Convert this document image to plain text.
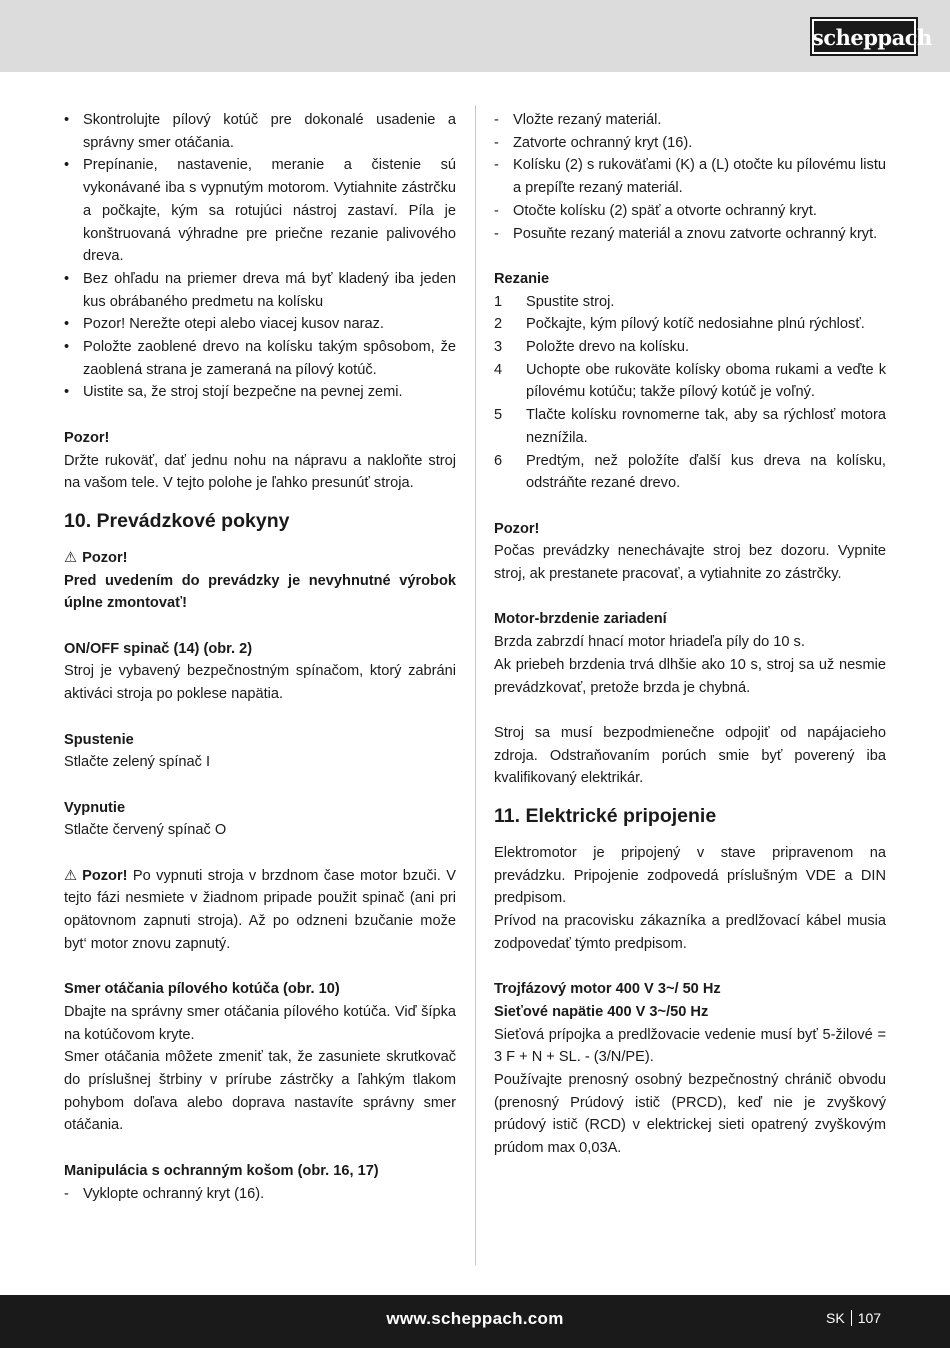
scheppach
• Skontrolujte pílový kotúč pre dokonalé usadenie a správny smer otáčania.
• Prepínanie, nastavenie, meranie a čistenie sú vykonávané iba s vypnutým motorom. Vytiahnite zástrčku a počkajte, kým sa rotujúci nástroj zastaví. Píla je konštruovaná výhradne pre priečne rezanie palivového dreva.
• Bez ohľadu na priemer dreva má byť kladený iba jeden kus obrábaného predmetu na kolísku
• Pozor! Nerežte otepi alebo viacej kusov naraz.
• Položte zaoblené drevo na kolísku takým spôsobom, že zaoblená strana je zameraná na pílový kotúč.
• Uistite sa, že stroj stojí bezpečne na pevnej zemi.

Pozor!

Držte rukoväť, dať jednu nohu na nápravu a nakloňte stroj na vašom tele. V tejto polohe je ľahko presunúť stroja.

10. Prevádzkové pokyny

⚠ Pozor!

Pred uvedením do prevádzky je nevyhnutné výrobok úplne zmontovať!

ON/OFF spinač (14) (obr. 2)

Stroj je vybavený bezpečnostným spínačom, ktorý zabráni aktiváci stroja po poklese napätia.

Spustenie

Stlačte zelený spínač I

Vypnutie

Stlačte červený spínač O

⚠ Pozor! Po vypnuti stroja v brzdnom čase motor bzuči. V tejto fázi nesmiete v žiadnom pripade použit spinač (ani pri opätovnom zapnuti stroja). Až po odzneni bzučanie može byt‘ motor znovu zapnutý.

Smer otáčania pílového kotúča (obr. 10)

Dbajte na správny smer otáčania pílového kotúča. Viď šípka na kotúčovom kryte.

Smer otáčania môžete zmeniť tak, že zasuniete skrutkovač do príslušnej štrbiny v prírube zástrčky a ľahkým tlakom pohybom doľava alebo doprava nastavíte správny smer otáčania.

Manipulácia s ochranným košom (obr. 16, 17)

- Vyklopte ochranný kryt (16).
- Vložte rezaný materiál.
- Zatvorte ochranný kryt (16).
- Kolísku (2) s rukoväťami (K) a (L) otočte ku pílovému listu a prepíľte rezaný materiál.
- Otočte kolísku (2) späť a otvorte ochranný kryt.
- Posuňte rezaný materiál a znovu zatvorte ochranný kryt.

Rezanie

1 Spustite stroj.
2 Počkajte, kým pílový kotíč nedosiahne plnú rýchlosť.
3 Položte drevo na kolísku.
4 Uchopte obe rukoväte kolísky oboma rukami a veďte k pílovému kotúču; takže pílový kotúč je voľný.
5 Tlačte kolísku rovnomerne tak, aby sa rýchlosť motora neznížila.
6 Predtým, než položíte ďalší kus dreva na kolísku, odstráňte rezané drevo.

Pozor!

Počas prevádzky nenechávajte stroj bez dozoru. Vypnite stroj, ak prestanete pracovať, a vytiahnite zo zástrčky.

Motor-brzdenie zariadení

Brzda zabrzdí hnací motor hriadeľa píly do 10 s.

Ak priebeh brzdenia trvá dlhšie ako 10 s, stroj sa už nesmie prevádzkovať, pretože brzda je chybná.

Stroj sa musí bezpodmienečne odpojiť od napájacieho zdroja. Odstraňovaním porúch smie byť poverený iba kvalifikovaný elektrikár.

11. Elektrické pripojenie

Elektromotor je pripojený v stave pripravenom na prevádzku. Pripojenie zodpovedá príslušným VDE a DIN predpisom.

Prívod na pracovisku zákazníka a predlžovací kábel musia zodpovedať týmto predpisom.

Trojfázový motor 400 V 3~/ 50 Hz

Sieťové napätie 400 V 3~/50 Hz

Sieťová prípojka a predlžovacie vedenie musí byť 5-žilové = 3 F + N + SL. - (3/N/PE).

Používajte prenosný osobný bezpečnostný chránič obvodu (prenosný Prúdový istič (PRCD), keď nie je zvyškový prúdový istič (RCD) v elektrickej sieti opatrený zvyškovým prúdom max 0,03A.

www.scheppach.com	SK 107
